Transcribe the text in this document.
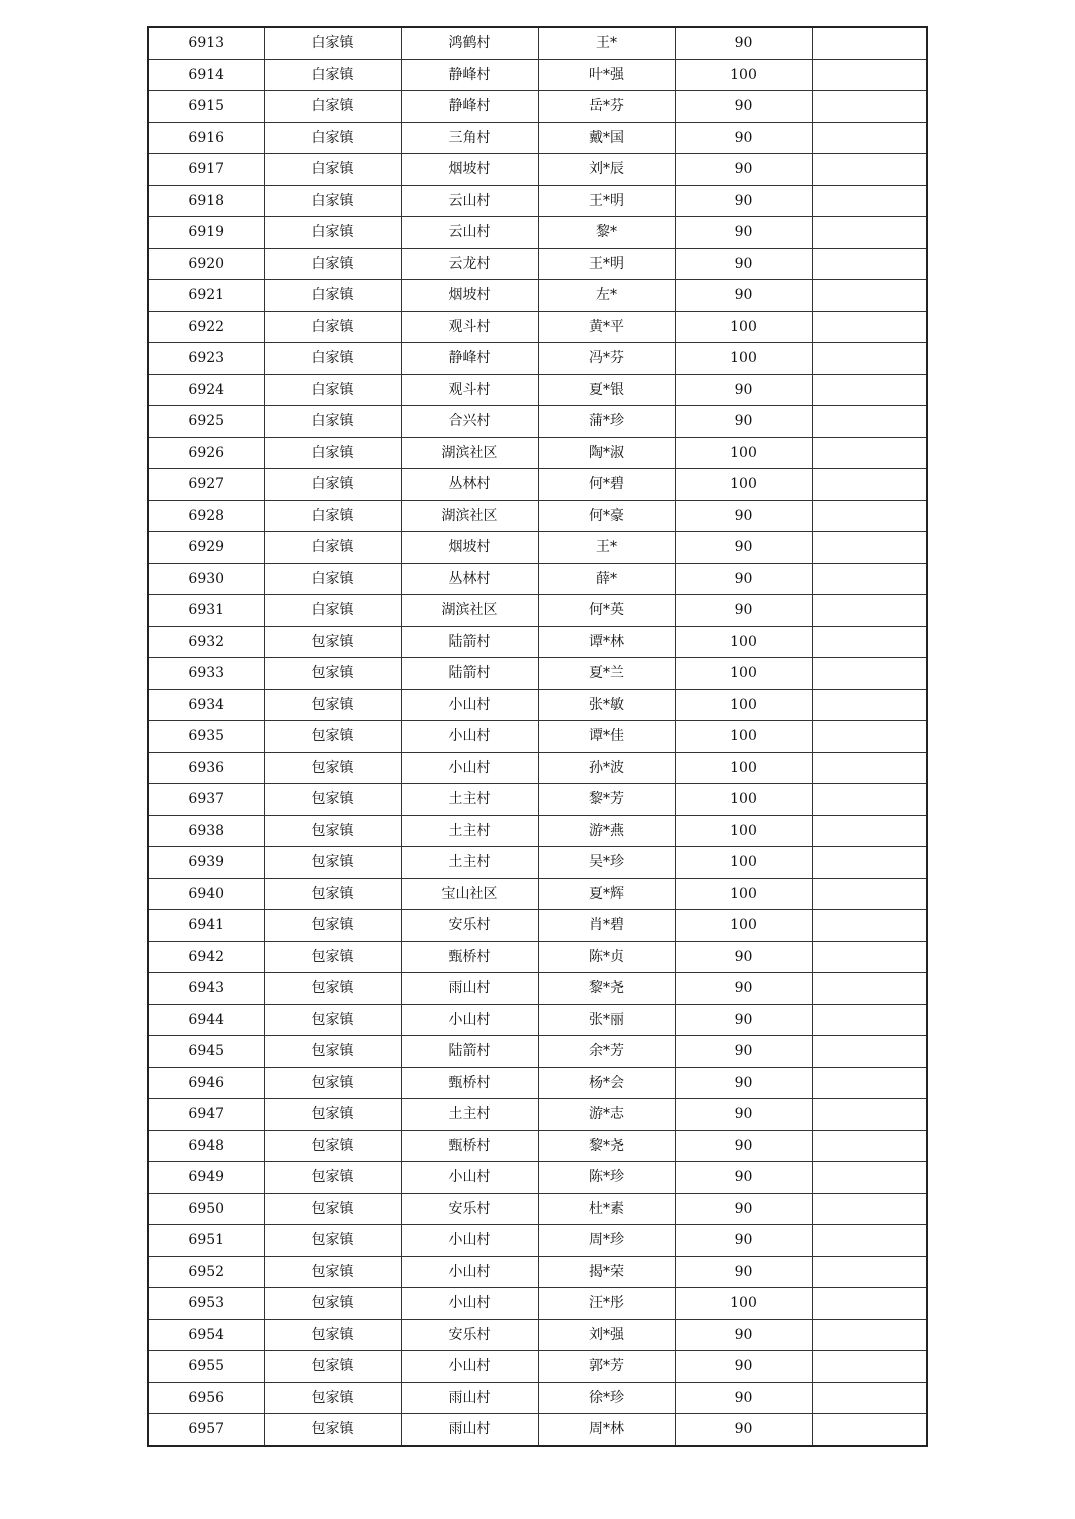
6913	白家镇	鸿鹤村	王*	90	
6914	白家镇	静峰村	叶*强	100	
6915	白家镇	静峰村	岳*芬	90	
6916	白家镇	三角村	戴*国	90	
6917	白家镇	烟坡村	刘*辰	90	
6918	白家镇	云山村	王*明	90	
6919	白家镇	云山村	黎*	90	
6920	白家镇	云龙村	王*明	90	
6921	白家镇	烟坡村	左*	90	
6922	白家镇	观斗村	黄*平	100	
6923	白家镇	静峰村	冯*芬	100	
6924	白家镇	观斗村	夏*银	90	
6925	白家镇	合兴村	蒲*珍	90	
6926	白家镇	湖滨社区	陶*淑	100	
6927	白家镇	丛林村	何*碧	100	
6928	白家镇	湖滨社区	何*豪	90	
6929	白家镇	烟坡村	王*	90	
6930	白家镇	丛林村	薛*	90	
6931	白家镇	湖滨社区	何*英	90	
6932	包家镇	陆箭村	谭*林	100	
6933	包家镇	陆箭村	夏*兰	100	
6934	包家镇	小山村	张*敏	100	
6935	包家镇	小山村	谭*佳	100	
6936	包家镇	小山村	孙*波	100	
6937	包家镇	土主村	黎*芳	100	
6938	包家镇	土主村	游*燕	100	
6939	包家镇	土主村	吴*珍	100	
6940	包家镇	宝山社区	夏*辉	100	
6941	包家镇	安乐村	肖*碧	100	
6942	包家镇	甄桥村	陈*贞	90	
6943	包家镇	雨山村	黎*尧	90	
6944	包家镇	小山村	张*丽	90	
6945	包家镇	陆箭村	余*芳	90	
6946	包家镇	甄桥村	杨*会	90	
6947	包家镇	土主村	游*志	90	
6948	包家镇	甄桥村	黎*尧	90	
6949	包家镇	小山村	陈*珍	90	
6950	包家镇	安乐村	杜*素	90	
6951	包家镇	小山村	周*珍	90	
6952	包家镇	小山村	揭*荣	90	
6953	包家镇	小山村	汪*彤	100	
6954	包家镇	安乐村	刘*强	90	
6955	包家镇	小山村	郭*芳	90	
6956	包家镇	雨山村	徐*珍	90	
6957	包家镇	雨山村	周*林	90	
